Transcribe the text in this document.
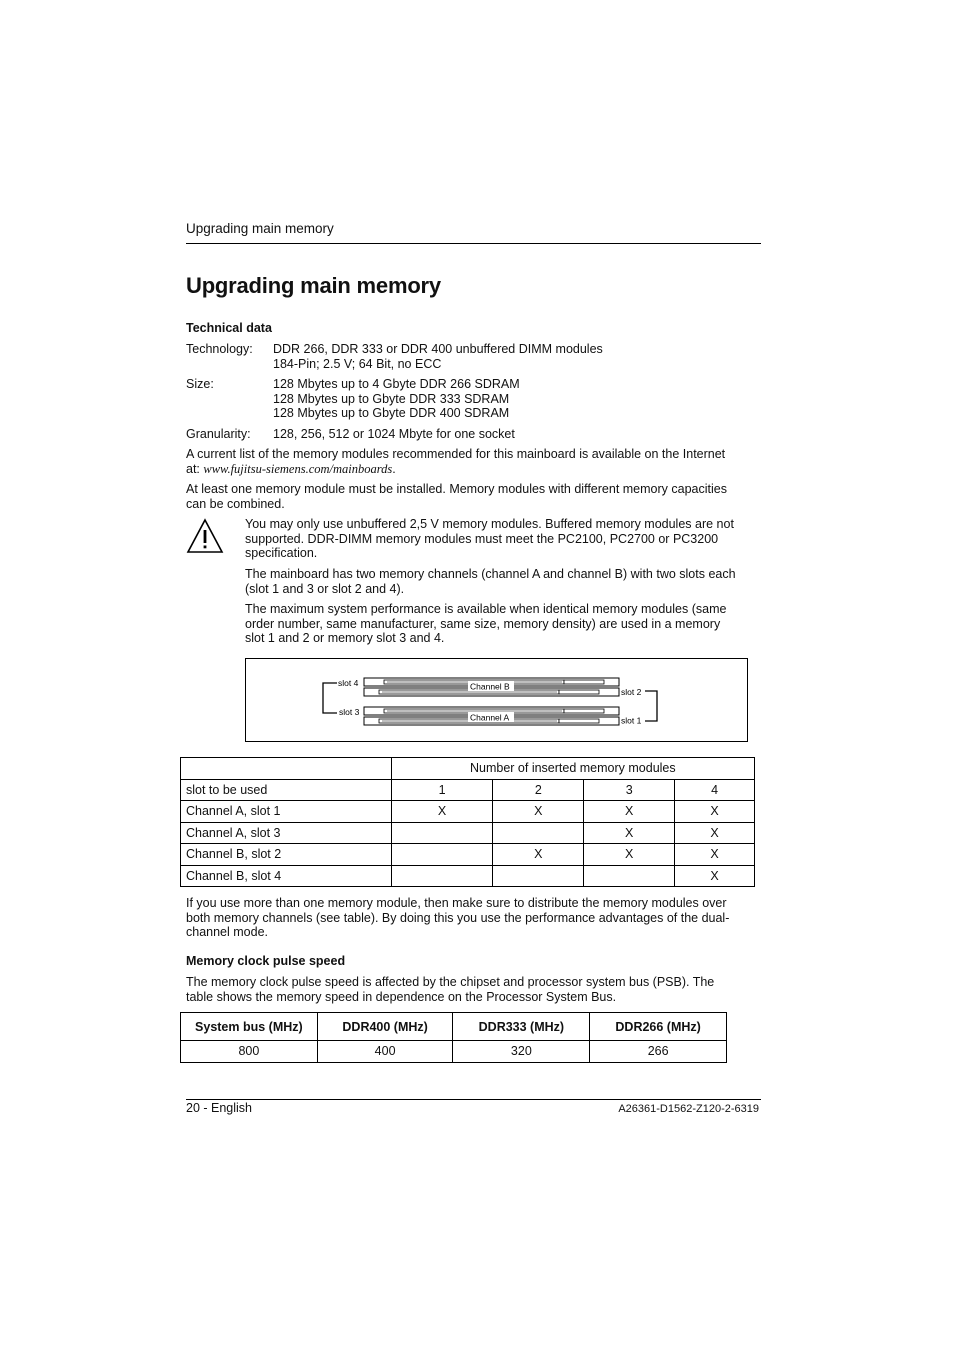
Upgrading main memory
Upgrading main memory
Technical data
Technology: DDR 266, DDR 333 or DDR 400 unbuffered DIMM modules
184-Pin; 2.5 V; 64 Bit, no ECC
Size:	128 Mbytes up to 4 Gbyte DDR 266 SDRAM
128 Mbytes up to Gbyte DDR 333 SDRAM
128 Mbytes up to Gbyte DDR 400 SDRAM
Granularity: 128, 256, 512 or 1024 Mbyte for one socket
A current list of the memory modules recommended for this mainboard is available on the Internet
at: www.fujitsu-siemens.com/mainboards.
At least one memory module must be installed. Memory modules with different memory capacities
can be combined.
You may only use unbuffered 2,5 V memory modules. Buffered memory modules are not
supported. DDR-DIMM memory modules must meet the PC2100, PC2700 or PC3200
specification.
The mainboard has two memory channels (channel A and channel B) with two slots each
(slot 1 and 3 or slot 2 and 4).
The maximum system performance is available when identical memory modules (same
order number, same manufacturer, same size, memory density) are used in a memory
slot 1 and 2 or memory slot 3 and 4.
Channel B
Channel A
slot 4
slot 3
slot 2
slot 1
	Number of inserted memory modules			
slot to be used	1	2	3	4
Channel A, slot 1	X	X	X	X
Channel A, slot 3			X	X
Channel B, slot 2		X	X	X
Channel B, slot 4				X
If you use more than one memory module, then make sure to distribute the memory modules over
both memory channels (see table). By doing this you use the performance advantages of the dual-
channel mode.
Memory clock pulse speed
The memory clock pulse speed is affected by the chipset and processor system bus (PSB). The
table shows the memory speed in dependence on the Processor System Bus.
System bus (MHz)	DDR400 (MHz)	DDR333 (MHz)	DDR266 (MHz)
800	400	320	266
20 - English	A26361-D1562-Z120-2-6319
